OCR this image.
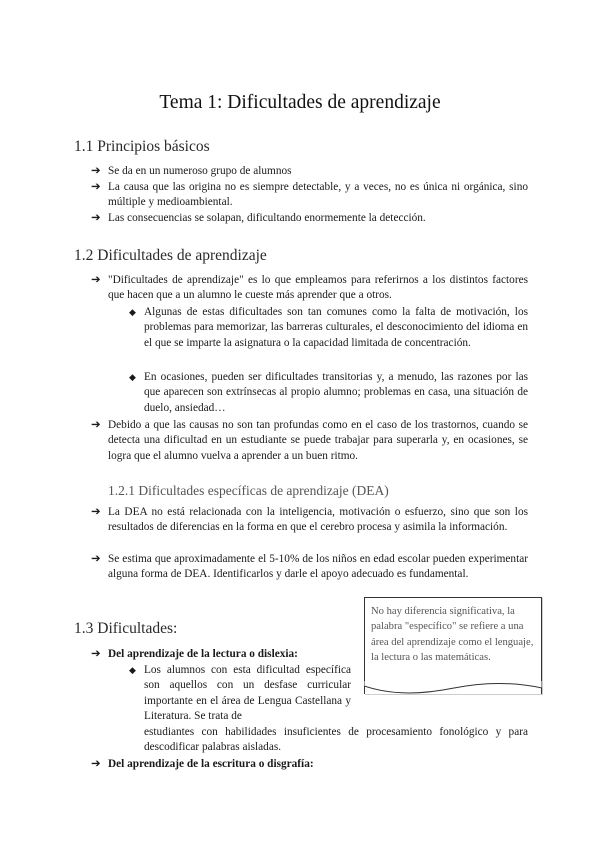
Tema 1: Dificultades de aprendizaje
1.1 Principios básicos
➔ Se da en un numeroso grupo de alumnos
➔ La causa que las origina no es siempre detectable, y a veces, no es única ni orgánica, sino múltiple y medioambiental.
➔ Las consecuencias se solapan, dificultando enormemente la detección.
1.2 Dificultades de aprendizaje
➔ "Dificultades de aprendizaje" es lo que empleamos para referirnos a los distintos factores que hacen que a un alumno le cueste más aprender que a otros.
◆ Algunas de estas dificultades son tan comunes como la falta de motivación, los problemas para memorizar, las barreras culturales, el desconocimiento del idioma en el que se imparte la asignatura o la capacidad limitada de concentración.
◆ En ocasiones, pueden ser dificultades transitorias y, a menudo, las razones por las que aparecen son extrínsecas al propio alumno; problemas en casa, una situación de duelo, ansiedad…
➔ Debido a que las causas no son tan profundas como en el caso de los trastornos, cuando se detecta una dificultad en un estudiante se puede trabajar para superarla y, en ocasiones, se logra que el alumno vuelva a aprender a un buen ritmo.
1.2.1 Dificultades específicas de aprendizaje (DEA)
➔ La DEA no está relacionada con la inteligencia, motivación o esfuerzo, sino que son los resultados de diferencias en la forma en que el cerebro procesa y asimila la información.
➔ Se estima que aproximadamente el 5-10% de los niños en edad escolar pueden experimentar alguna forma de DEA. Identificarlos y darle el apoyo adecuado es fundamental.
1.3 Dificultades:
➔ Del aprendizaje de la lectura o dislexia:
◆ Los alumnos con esta dificultad específica son aquellos con un desfase curricular importante en el área de Lengua Castellana y Literatura. Se trata de
estudiantes con habilidades insuficientes de procesamiento fonológico y para descodificar palabras aisladas.
➔ Del aprendizaje de la escritura o disgrafía:
No hay diferencia significativa, la palabra "específico" se refiere a una área del aprendizaje como el lenguaje, la lectura o las matemáticas.
